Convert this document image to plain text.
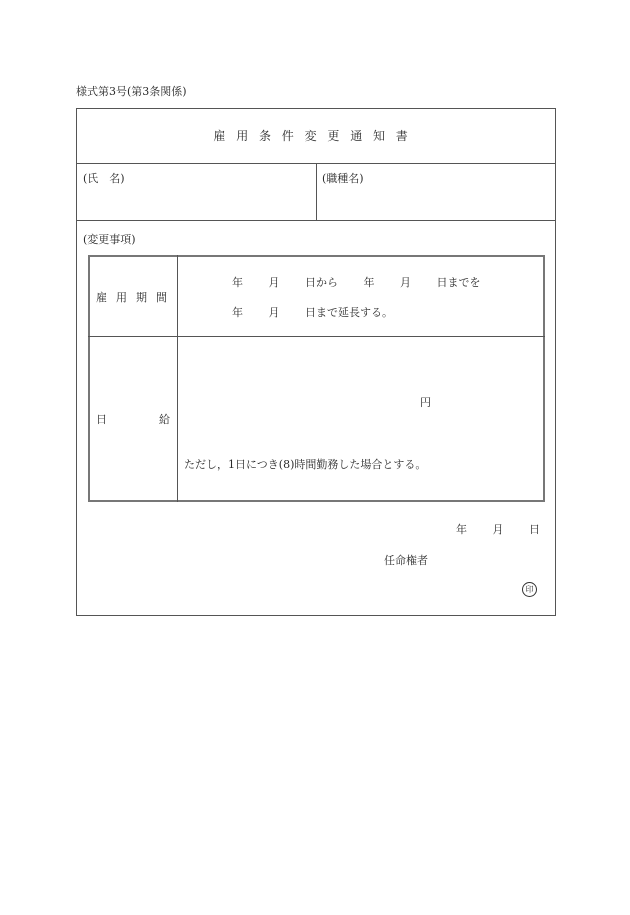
様式第3号(第3条関係)
雇用条件変更通知書
(氏　名)	(職種名)
(変更事項)
雇 用 期 間
年　　 月　　 日から　　 年　　 月　　 日までを
年　　 月　　 日まで延長する。
日	給
円
ただし，1日につき(8)時間勤務した場合とする。
年　　 月　　 日
任命権者
印
